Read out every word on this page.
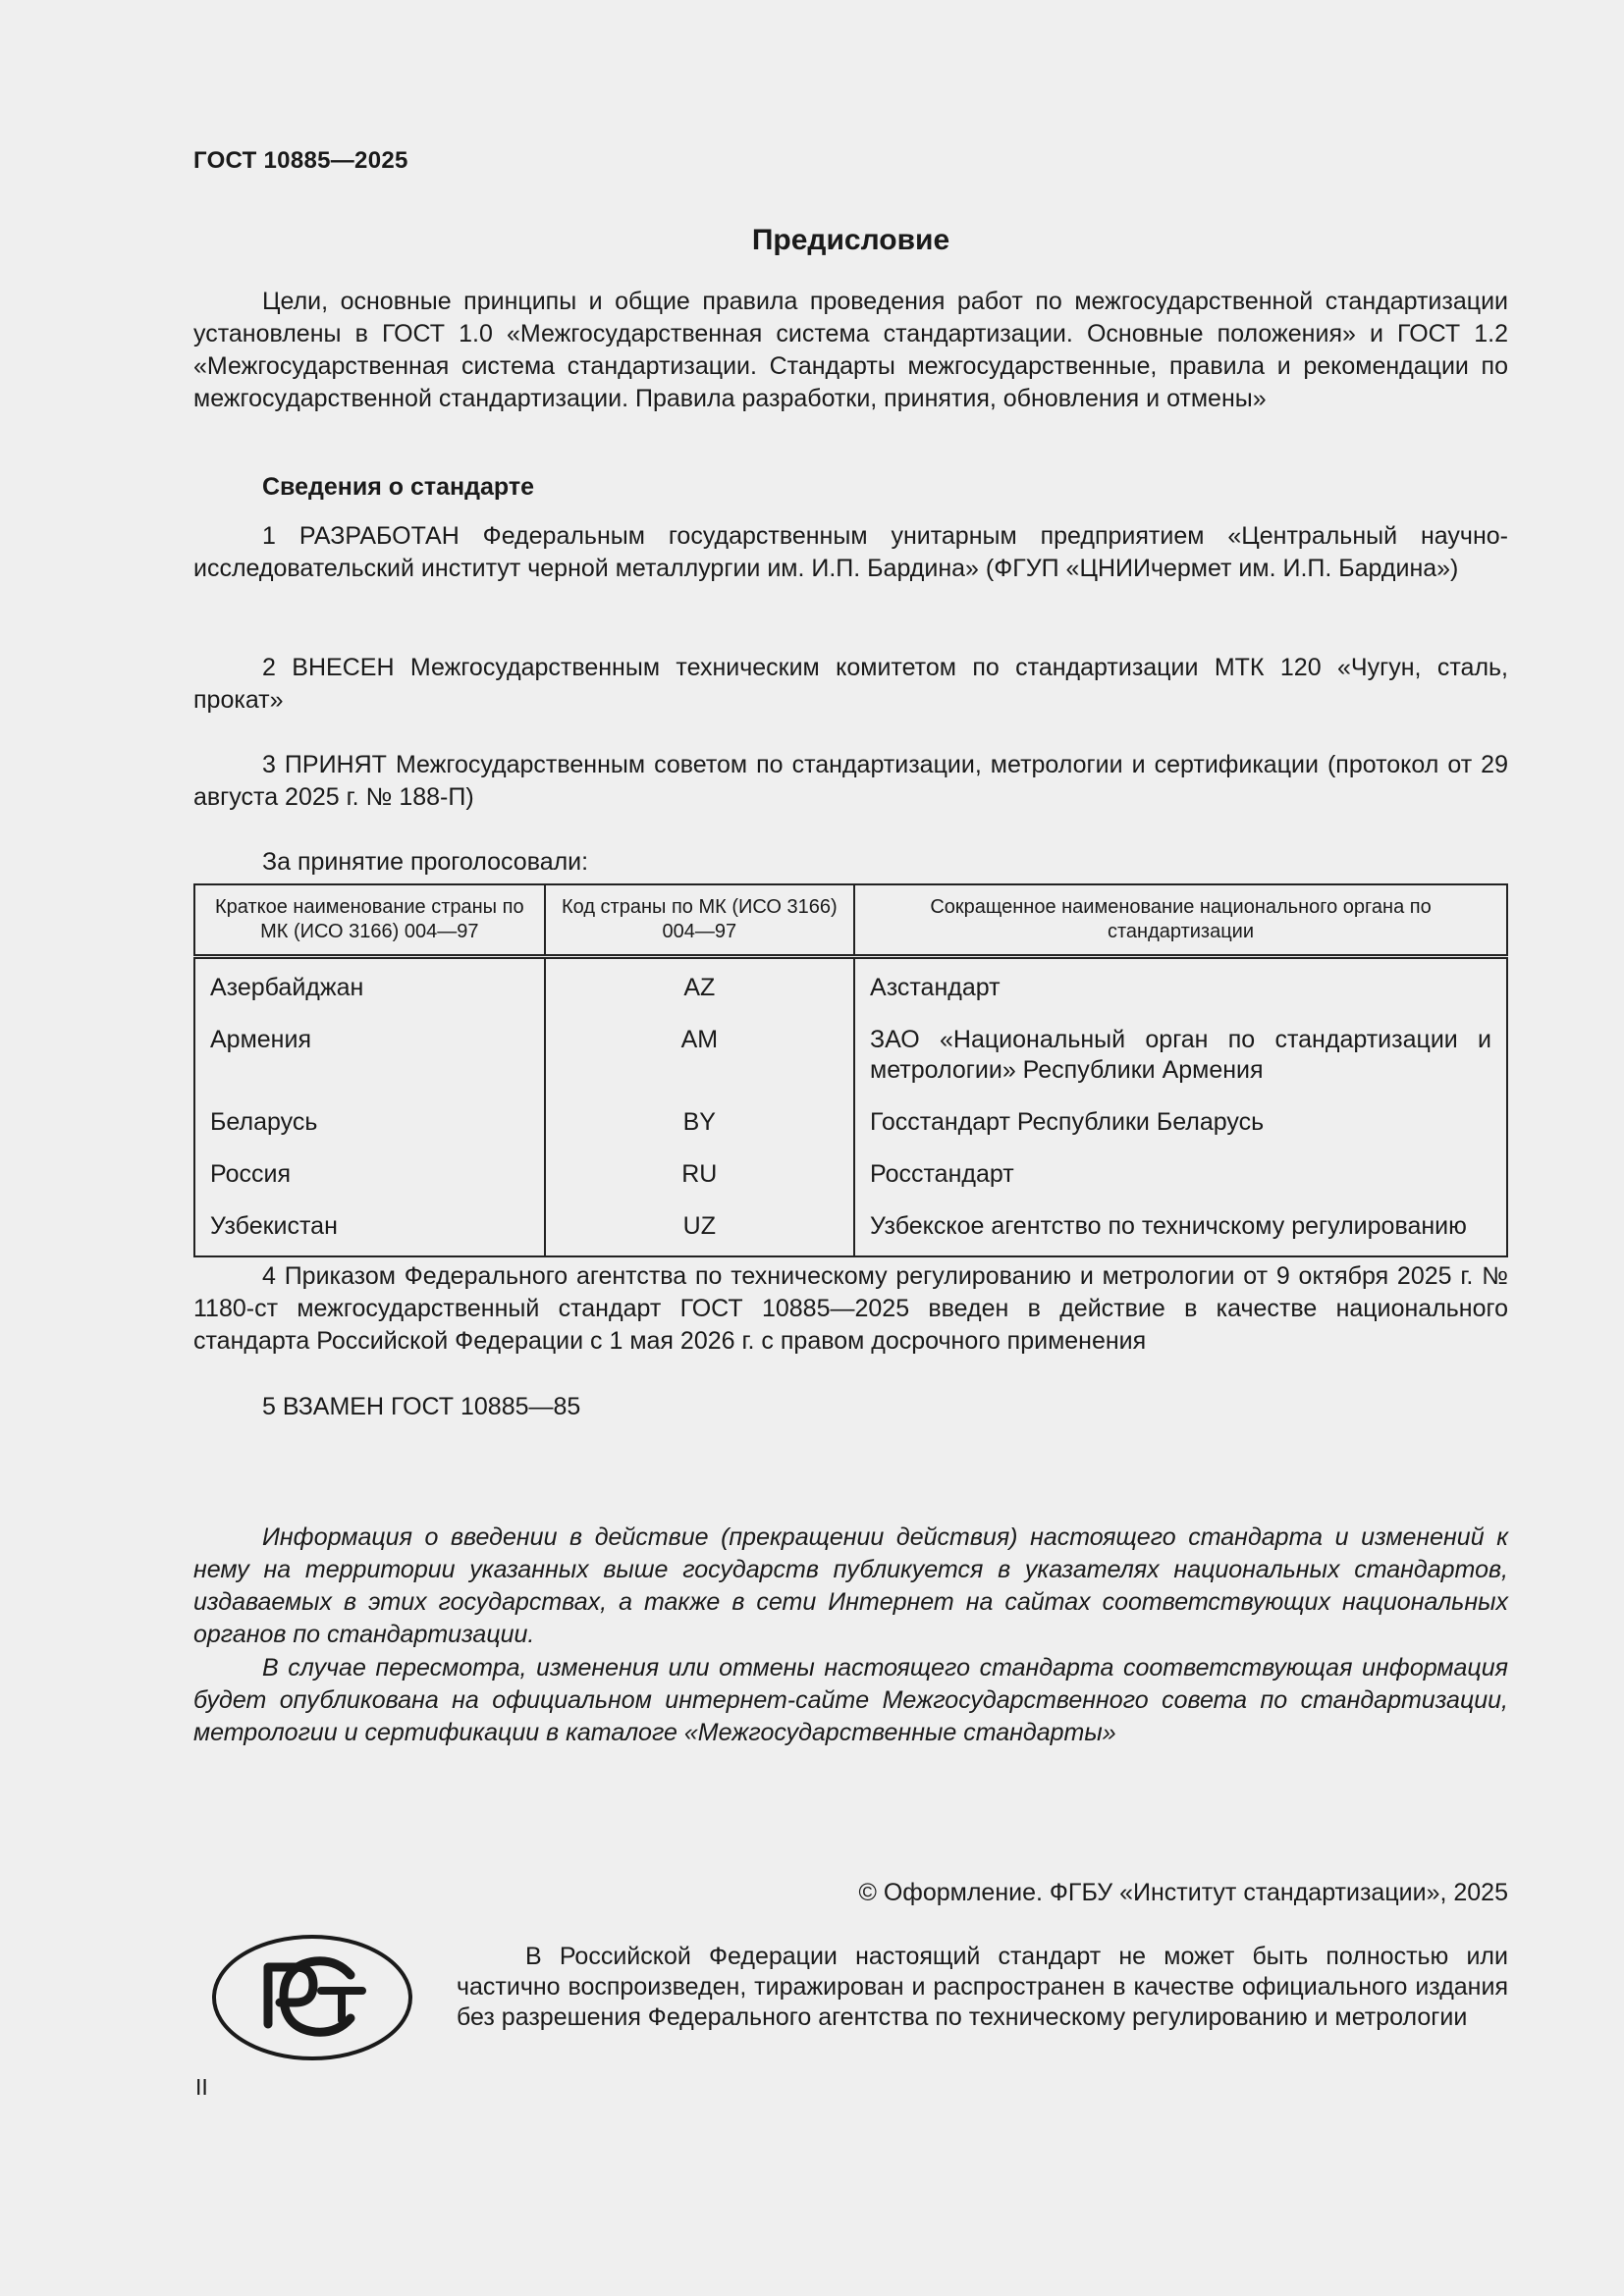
ГОСТ 10885—2025
Предисловие

Цели, основные принципы и общие правила проведения работ по межгосударственной стандартизации установлены в ГОСТ 1.0 «Межгосударственная система стандартизации. Основные положения» и ГОСТ 1.2 «Межгосударственная система стандартизации. Стандарты межгосударственные, правила и рекомендации по межгосударственной стандартизации. Правила разработки, принятия, обновления и отмены»

Сведения о стандарте

1 РАЗРАБОТАН Федеральным государственным унитарным предприятием «Центральный научно-исследовательский институт черной металлургии им. И.П. Бардина» (ФГУП «ЦНИИчермет им. И.П. Бардина»)

2 ВНЕСЕН Межгосударственным техническим комитетом по стандартизации МТК 120 «Чугун, сталь, прокат»

3 ПРИНЯТ Межгосударственным советом по стандартизации, метрологии и сертификации (протокол от 29 августа 2025 г. № 188-П)

За принятие проголосовали:
Краткое наименование страны по МК (ИСО 3166) 004—97	Код страны по МК (ИСО 3166) 004—97	Сокращенное наименование национального органа по стандартизации
Азербайджан	AZ	Азстандарт
Армения	AM	ЗАО «Национальный орган по стандартизации и метрологии» Республики Армения
Беларусь	BY	Госстандарт Республики Беларусь
Россия	RU	Росстандарт
Узбекистан	UZ	Узбекское агентство по техничскому регулированию

4 Приказом Федерального агентства по техническому регулированию и метрологии от 9 октября 2025 г. № 1180-ст межгосударственный стандарт ГОСТ 10885—2025 введен в действие в качестве национального стандарта Российской Федерации с 1 мая 2026 г. с правом досрочного применения

5 ВЗАМЕН ГОСТ 10885—85

Информация о введении в действие (прекращении действия) настоящего стандарта и изменений к нему на территории указанных выше государств публикуется в указателях национальных стандартов, издаваемых в этих государствах, а также в сети Интернет на сайтах соответствующих национальных органов по стандартизации.

В случае пересмотра, изменения или отмены настоящего стандарта соответствующая информация будет опубликована на официальном интернет-сайте Межгосударственного совета по стандартизации, метрологии и сертификации в каталоге «Межгосударственные стандарты»

© Оформление. ФГБУ «Институт стандартизации», 2025

В Российской Федерации настоящий стандарт не может быть полностью или частично воспроизведен, тиражирован и распространен в качестве официального издания без разрешения Федерального агентства по техническому регулированию и метрологии

II
